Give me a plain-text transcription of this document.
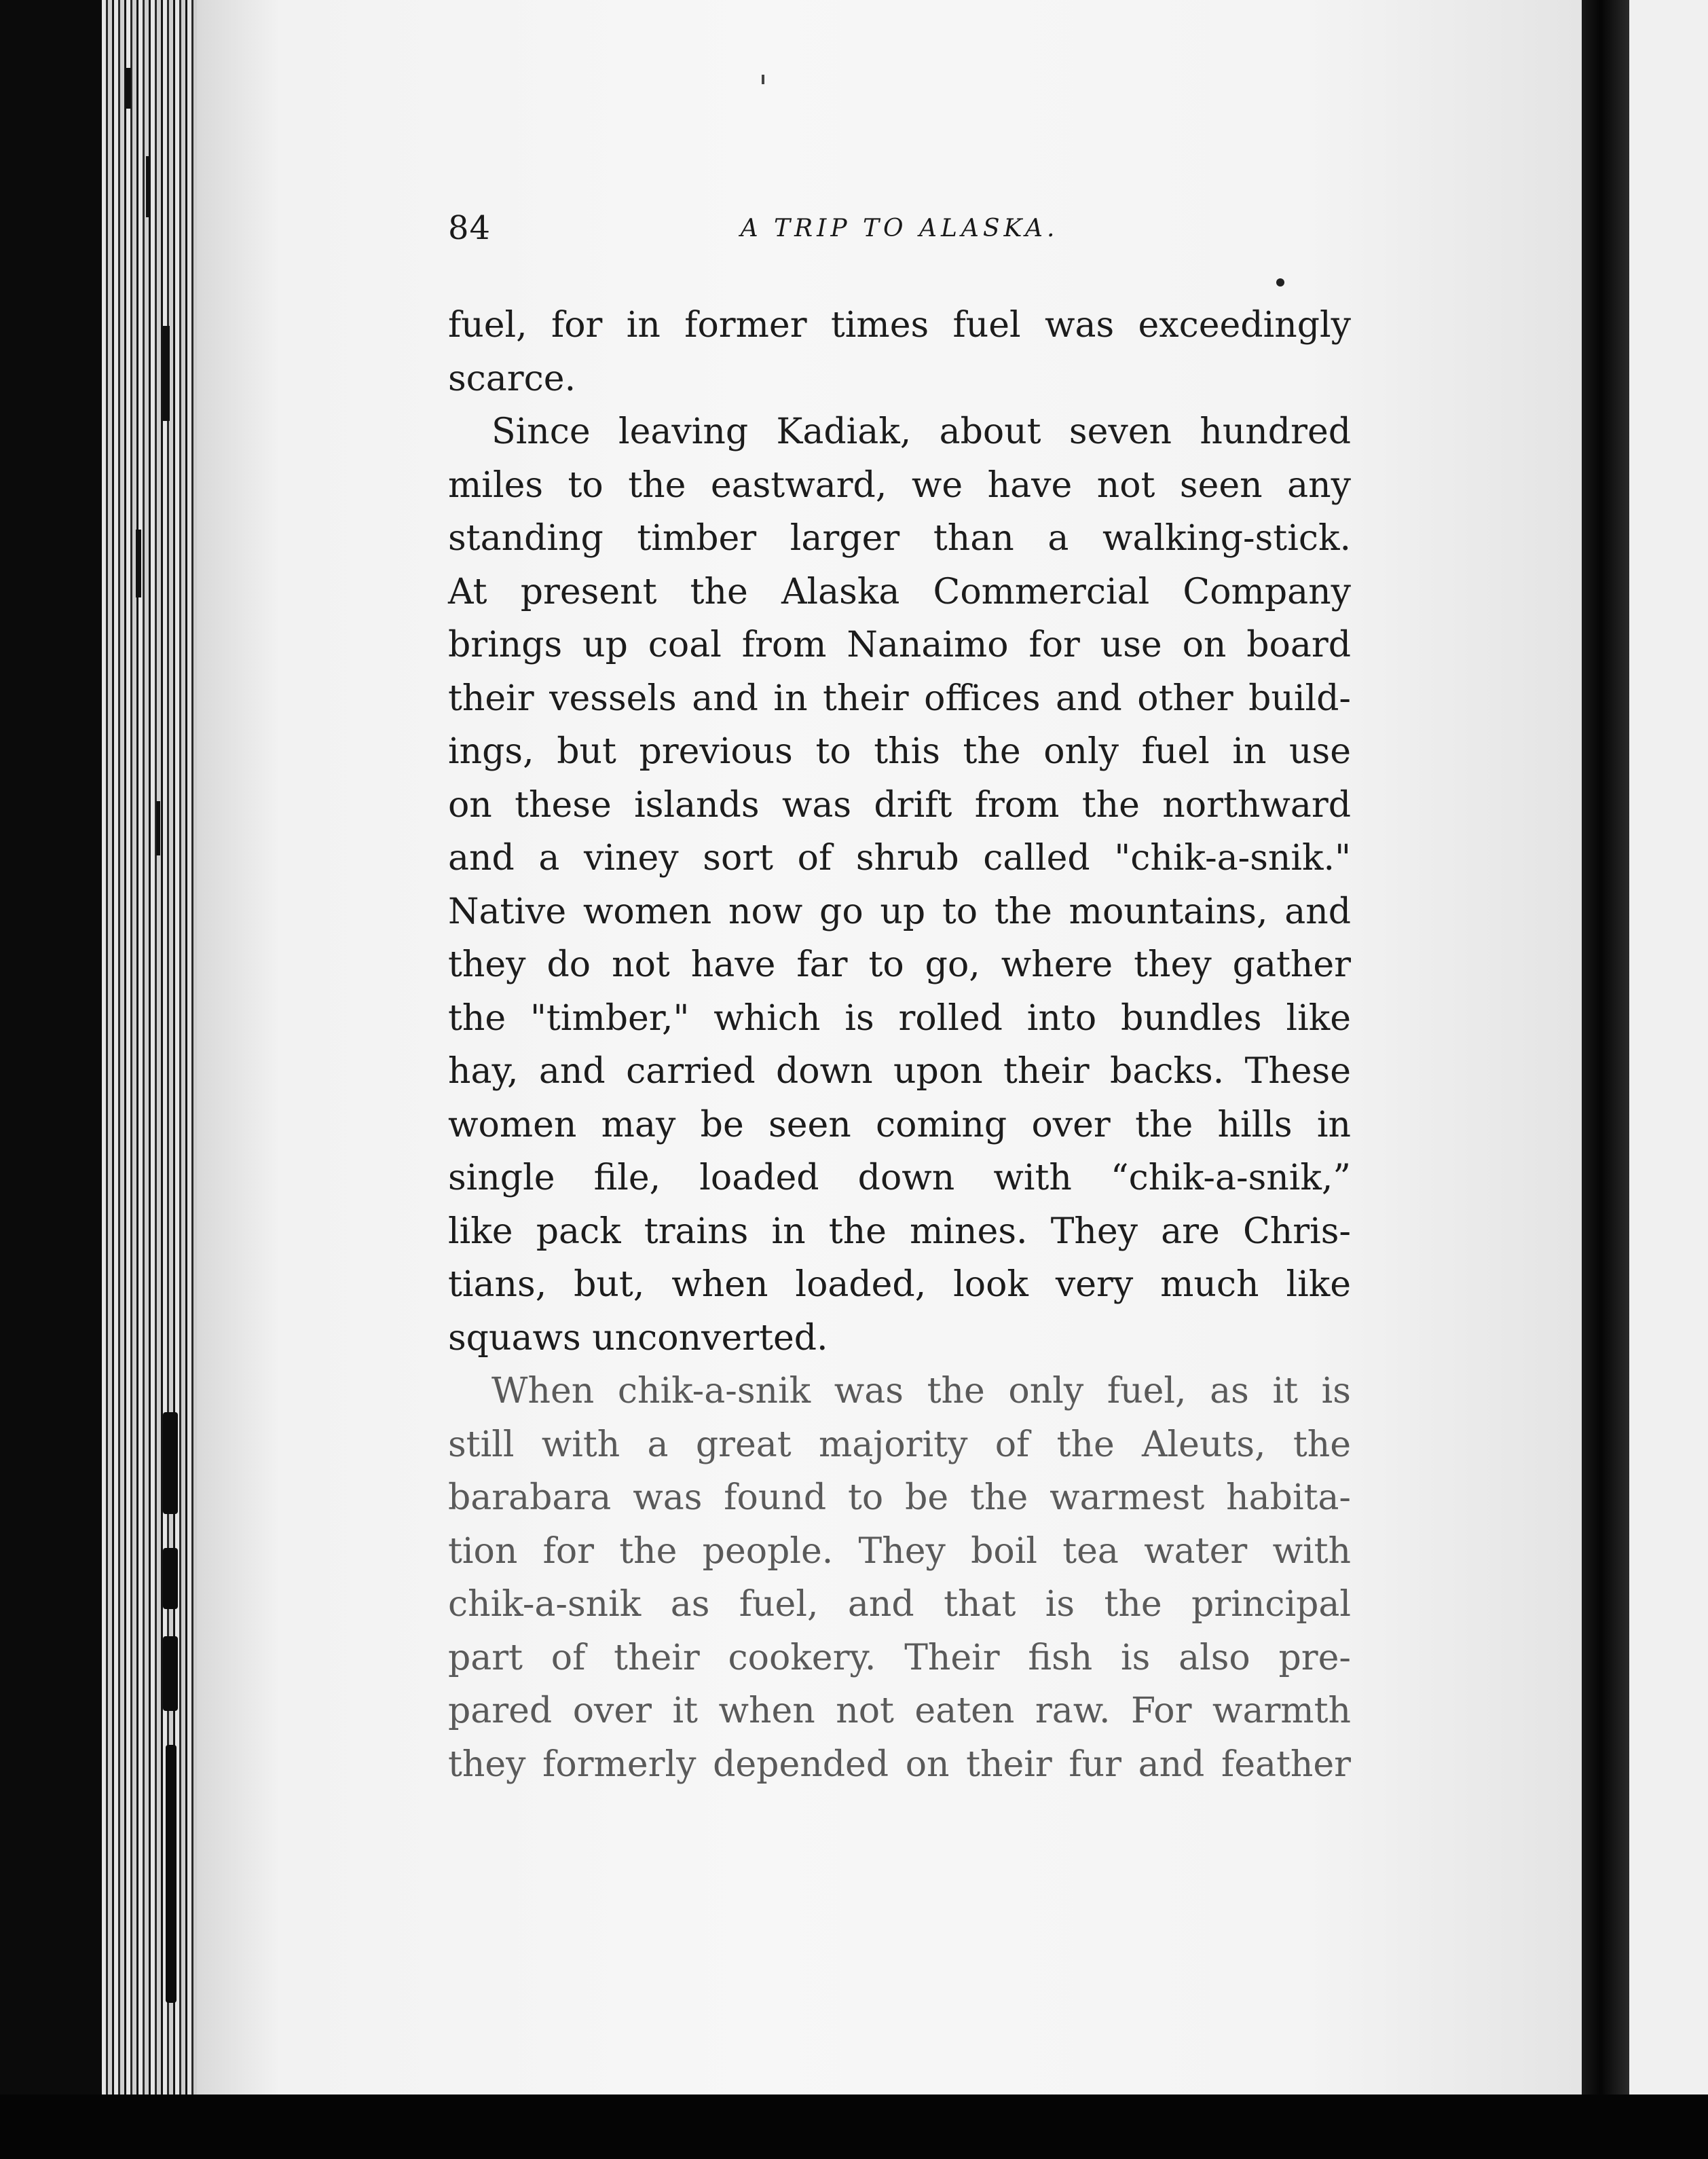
84	A TRIP TO ALASKA.
fuel, for in former times fuel was exceedingly
scarce.
Since leaving Kadiak, about seven hundred
miles to the eastward, we have not seen any
standing timber larger than a walking-stick.
At present the Alaska Commercial Company
brings up coal from Nanaimo for use on board
their vessels and in their offices and other build-
ings, but previous to this the only fuel in use
on these islands was drift from the northward
and a viney sort of shrub called "chik-a-snik."
Native women now go up to the mountains, and
they do not have far to go, where they gather
the "timber," which is rolled into bundles like
hay, and carried down upon their backs. These
women may be seen coming over the hills in
single file, loaded down with “chik-a-snik,”
like pack trains in the mines. They are Chris-
tians, but, when loaded, look very much like
squaws unconverted.
When chik-a-snik was the only fuel, as it is
still with a great majority of the Aleuts, the
barabara was found to be the warmest habita-
tion for the people. They boil tea water with
chik-a-snik as fuel, and that is the principal
part of their cookery. Their fish is also pre-
pared over it when not eaten raw. For warmth
they formerly depended on their fur and feather
